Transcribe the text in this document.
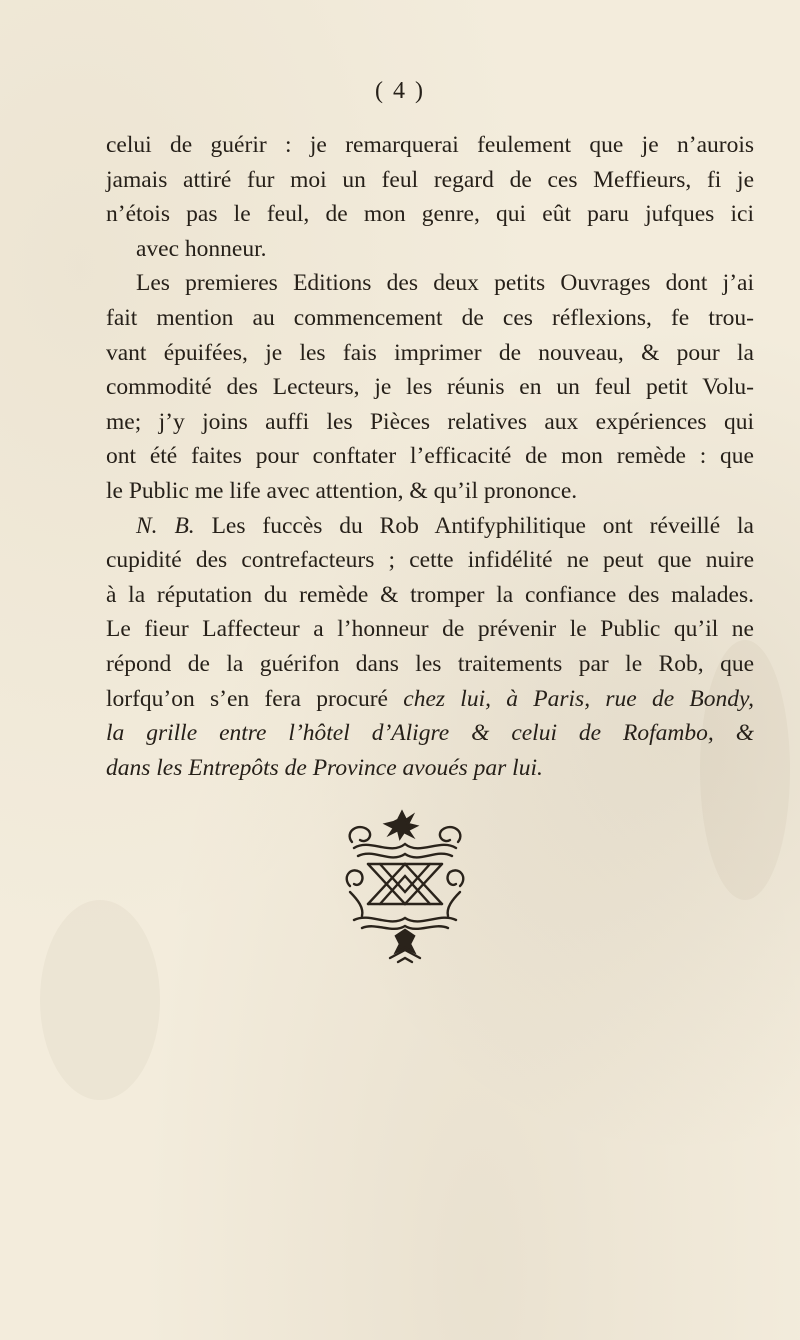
( 4 )
celui de guérir : je remarquerai feulement que je n’aurois
jamais attiré fur moi un feul regard de ces Meffieurs, fi je
n’étois pas le feul, de mon genre, qui eût paru jufques ici
avec honneur.
Les premieres Editions des deux petits Ouvrages dont j’ai
fait mention au commencement de ces réflexions, fe trou-
vant épuifées, je les fais imprimer de nouveau, & pour la
commodité des Lecteurs, je les réunis en un feul petit Volu-
me; j’y joins auffi les Pièces relatives aux expériences qui
ont été faites pour conftater l’efficacité de mon remède : que
le Public me life avec attention, & qu’il prononce.
N. B. Les fuccès du Rob Antifyphilitique ont réveillé la
cupidité des contrefacteurs ; cette infidélité ne peut que nuire
à la réputation du remède & tromper la confiance des malades.
Le fieur Laffecteur a l’honneur de prévenir le Public qu’il ne
répond de la guérifon dans les traitements par le Rob, que
lorfqu’on s’en fera procuré chez lui, à Paris, rue de Bondy,
la grille entre l’hôtel d’Aligre & celui de Rofambo, &
dans les Entrepôts de Province avoués par lui.
